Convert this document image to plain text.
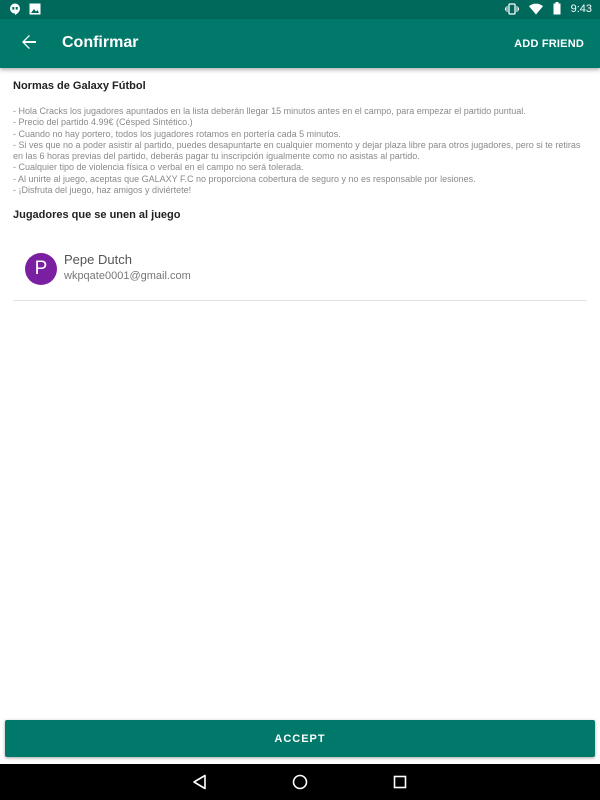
9:43
Confirmar	ADD FRIEND
Normas de Galaxy Fútbol
- Hola Cracks los jugadores apuntados en la lista deberán llegar 15 minutos antes en el campo, para empezar el partido puntual.
- Precio del partido 4.99€ (Césped Sintético.)
- Cuando no hay portero, todos los jugadores rotamos en portería cada 5 minutos.
- Si ves que no a poder asistir al partido, puedes desapuntarte en cualquier momento y dejar plaza libre para otros jugadores, pero si te retiras en las 6 horas previas del partido, deberás pagar tu inscripción igualmente como no asistas al partido.
- Cualquier tipo de violencia física o verbal en el campo no será tolerada.
- Al unirte al juego, aceptas que GALAXY F.C no proporciona cobertura de seguro y no es responsable por lesiones.
- ¡Disfruta del juego, haz amigos y diviértete!
Jugadores que se unen al juego
P	Pepe Dutch
wkpqate0001@gmail.com
ACCEPT
